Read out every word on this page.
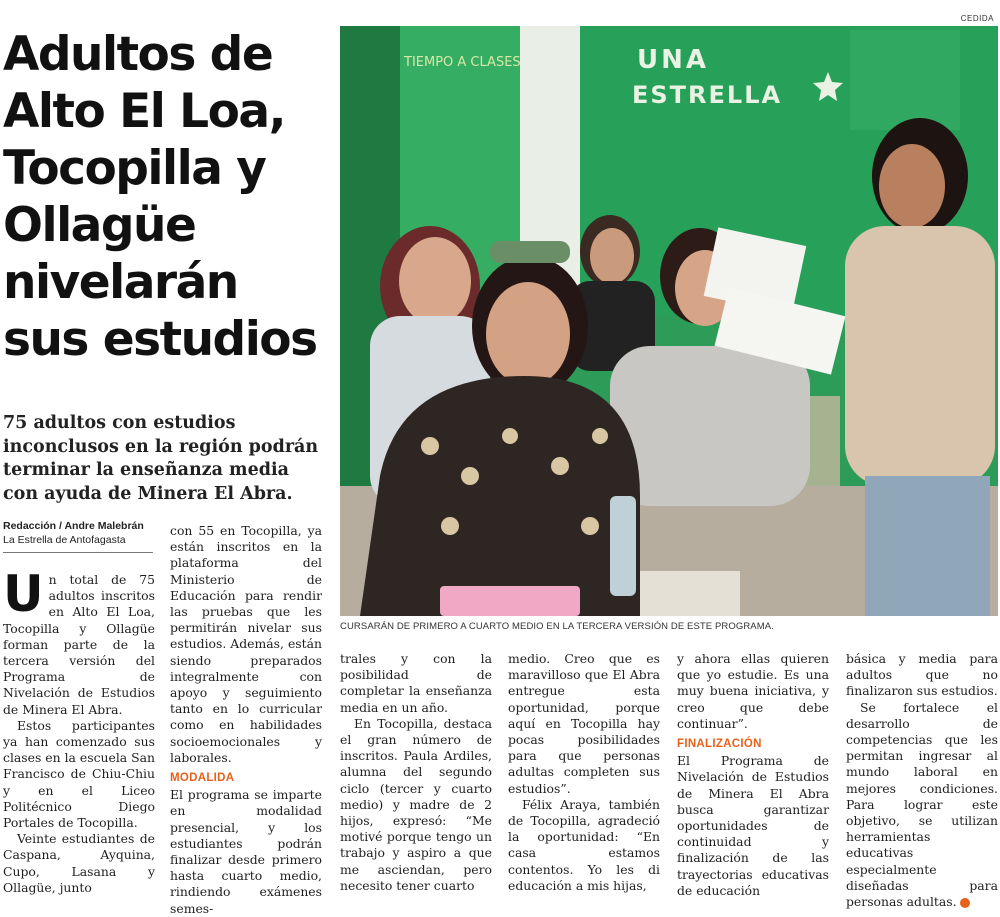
CEDIDA
Adultos de Alto El Loa, Tocopilla y Ollagüe nivelarán sus estudios
75 adultos con estudios inconclusos en la región podrán terminar la enseñanza media con ayuda de Minera El Abra.
Redacción / Andre Malebrán
La Estrella de Antofagasta
UNA
ESTRELLA
TIEMPO A CLASES
CURSARÁN DE PRIMERO A CUARTO MEDIO EN LA TERCERA VERSIÓN DE ESTE PROGRAMA.
U n total de 75 adultos inscritos en Alto El Loa, Tocopilla y Ollagüe forman parte de la tercera versión del Programa de Nivelación de Estudios de Minera El Abra.

Estos participantes ya han comenzado sus clases en la escuela San Francisco de Chiu-Chiu y en el Liceo Politécnico Diego Portales de Tocopilla.

Veinte estudiantes de Caspana, Ayquina, Cupo, Lasana y Ollagüe, junto

con 55 en Tocopilla, ya están inscritos en la plataforma del Ministerio de Educación para rendir las pruebas que les permitirán nivelar sus estudios. Además, están siendo preparados integralmente con apoyo y seguimiento tanto en lo curricular como en habilidades socioemocionales y laborales.

MODALIDA

El programa se imparte en modalidad presencial, y los estudiantes podrán finalizar desde primero hasta cuarto medio, rindiendo exámenes semes-

trales y con la posibilidad de completar la enseñanza media en un año.

En Tocopilla, destaca el gran número de inscritos. Paula Ardiles, alumna del segundo ciclo (tercer y cuarto medio) y madre de 2 hijos, expresó: “Me motivé porque tengo un trabajo y aspiro a que me asciendan, pero necesito tener cuarto

medio. Creo que es maravilloso que El Abra entregue esta oportunidad, porque aquí en Tocopilla hay pocas posibilidades para que personas adultas completen sus estudios”.

Félix Araya, también de Tocopilla, agradeció la oportunidad: “En casa estamos contentos. Yo les di educación a mis hijas,

y ahora ellas quieren que yo estudie. Es una muy buena iniciativa, y creo que debe continuar”.

FINALIZACIÓN

El Programa de Nivelación de Estudios de Minera El Abra busca garantizar oportunidades de continuidad y finalización de las trayectorias educativas de educación

básica y media para adultos que no finalizaron sus estudios.

Se fortalece el desarrollo de competencias que les permitan ingresar al mundo laboral en mejores condiciones. Para lograr este objetivo, se utilizan herramientas educativas especialmente diseñadas para personas adultas. ✪
